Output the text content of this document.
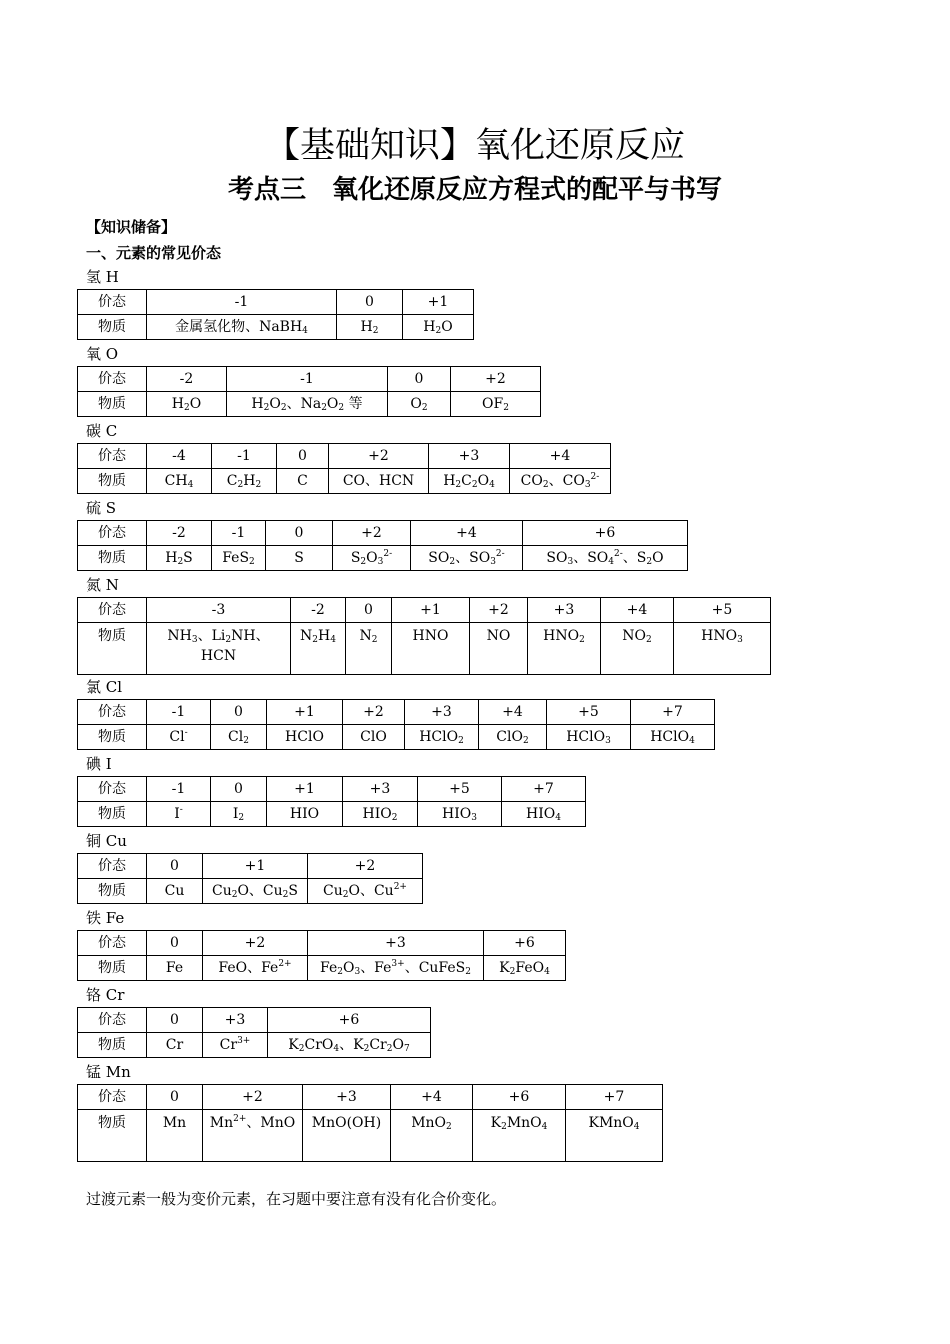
【基础知识】氧化还原反应
考点三　氧化还原反应方程式的配平与书写
【知识储备】
一、元素的常见价态
氢 H
价态	-1	0	+1
物质	金属氢化物、NaBH$_4$	$H_2$	$H_2O$
氧 O
价态	-2	-1	0	+2
物质	$H_2O$	$H_2O_2$、$Na_2O_2$ 等	$O_2$	$OF_2$
碳 C
价态	-4	-1	0	+2	+3	+4
物质	$CH_4$	$C_2H_2$	C	CO、HCN	$H_2C_2O_4$	$CO_2$、$CO_3^{2-}$
硫 S
价态	-2	-1	0	+2	+4	+6
物质	$H_2S$	FeS$_2$	S	$S_2O_3^{2-}$	$SO_2$、$SO_3^{2-}$	$SO_3$、$SO_4^{2-}$、$S_2O$
氮 N
价态	-3	-2	0	+1	+2	+3	+4	+5
物质	$NH_3$、$Li_2NH$、HCN	$N_2H_4$	$N_2$	HNO	NO	$HNO_2$	$NO_2$	$HNO_3$
氯 Cl
价态	-1	0	+1	+2	+3	+4	+5	+7
物质	Cl-	$Cl_2$	HClO	ClO	HClO$_2$	ClO$_2$	HClO$_3$	HClO$_4$
碘 I
价态	-1	0	+1	+3	+5	+7
物质	I-	$I_2$	HIO	$HIO_2$	$HIO_3$	$HIO_4$
铜 Cu
价态	0	+1	+2
物质	Cu	$Cu_2O$、$Cu_2S$	$Cu_2O$、$Cu^{2+}$
铁 Fe
价态	0	+2	+3	+6
物质	Fe	FeO、$Fe^{2+}$	$Fe_2O_3$、$Fe^{3+}$、CuFeS$_2$	$K_2FeO_4$
铬 Cr
价态	0	+3	+6
物质	Cr	$Cr^{3+}$	$K_2CrO_4$、$K_2Cr_2O_7$
锰 Mn
价态	0	+2	+3	+4	+6	+7
物质	Mn	$Mn^{2+}$、MnO	MnO(OH)	MnO$_2$	$K_2MnO_4$	KMnO$_4$
过渡元素一般为变价元素，在习题中要注意有没有化合价变化。
